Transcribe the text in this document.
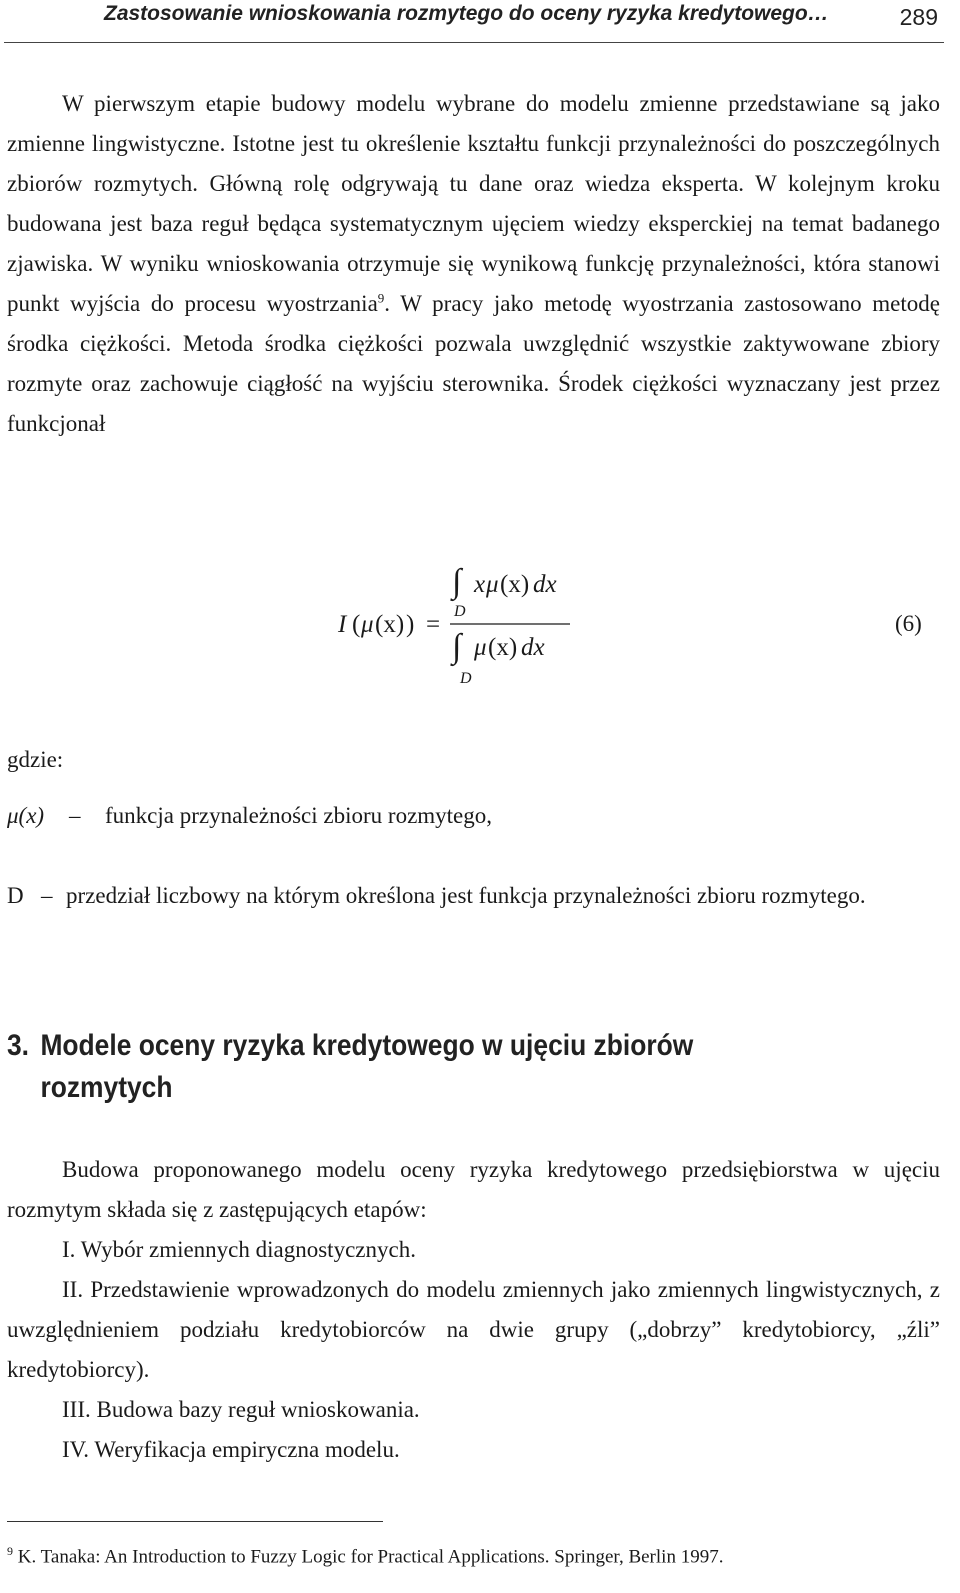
Zastosowanie wnioskowania rozmytego do oceny ryzyka kredytowego…	289
W pierwszym etapie budowy modelu wybrane do modelu zmienne przedstawiane są jako zmienne lingwistyczne. Istotne jest tu określenie kształtu funkcji przynależności do poszczególnych zbiorów rozmytych. Główną rolę odgrywają tu dane oraz wiedza eksperta. W kolejnym kroku budowana jest baza reguł będąca systematycznym ujęciem wiedzy eksperckiej na temat badanego zjawiska. W wyniku wnioskowania otrzymuje się wynikową funkcję przynależności, która stanowi punkt wyjścia do procesu wyostrzania$^9$. W pracy jako metodę wyostrzania zastosowano metodę środka ciężkości. Metoda środka ciężkości pozwala uwzględnić wszystkie zaktywowane zbiory rozmyte oraz zachowuje ciągłość na wyjściu sterownika. Środek ciężkości wyznaczany jest przez funkcjonał
I ( μ (x) ) =
∫ x μ (x) dx
D
∫ μ (x) dx
D
(6)
gdzie:
μ(x) – funkcja przynależności zbioru rozmytego,
D – przedział liczbowy na którym określona jest funkcja przynależności zbioru rozmytego.
3. Modele oceny ryzyka kredytowego w ujęciu zbiorów
rozmytych
Budowa proponowanego modelu oceny ryzyka kredytowego przedsiębiorstwa w ujęciu rozmytym składa się z zastępujących etapów:
I. Wybór zmiennych diagnostycznych.
II. Przedstawienie wprowadzonych do modelu zmiennych jako zmiennych lingwistycznych, z uwzględnieniem podziału kredytobiorców na dwie grupy („dobrzy” kredytobiorcy, „źli” kredytobiorcy).
III. Budowa bazy reguł wnioskowania.
IV. Weryfikacja empiryczna modelu.
$^9$ K. Tanaka: An Introduction to Fuzzy Logic for Practical Applications. Springer, Berlin 1997.
